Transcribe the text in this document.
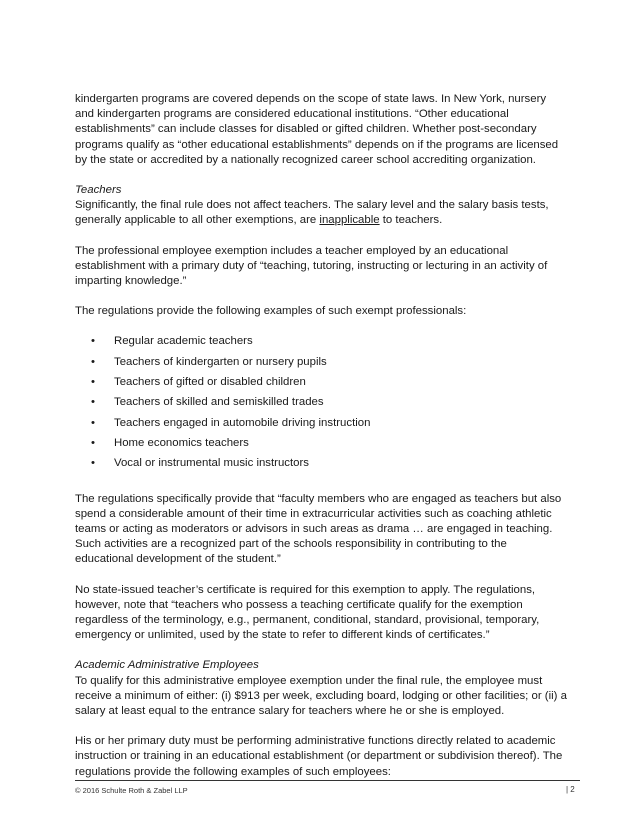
kindergarten programs are covered depends on the scope of state laws. In New York, nursery and kindergarten programs are considered educational institutions. “Other educational establishments” can include classes for disabled or gifted children. Whether post-secondary programs qualify as “other educational establishments” depends on if the programs are licensed by the state or accredited by a nationally recognized career school accrediting organization.

Teachers

Significantly, the final rule does not affect teachers. The salary level and the salary basis tests, generally applicable to all other exemptions, are inapplicable to teachers.

The professional employee exemption includes a teacher employed by an educational establishment with a primary duty of “teaching, tutoring, instructing or lecturing in an activity of imparting knowledge.”

The regulations provide the following examples of such exempt professionals:

• Regular academic teachers
• Teachers of kindergarten or nursery pupils
• Teachers of gifted or disabled children
• Teachers of skilled and semiskilled trades
• Teachers engaged in automobile driving instruction
• Home economics teachers
• Vocal or instrumental music instructors

The regulations specifically provide that “faculty members who are engaged as teachers but also spend a considerable amount of their time in extracurricular activities such as coaching athletic teams or acting as moderators or advisors in such areas as drama … are engaged in teaching. Such activities are a recognized part of the schools responsibility in contributing to the educational development of the student.”

No state-issued teacher’s certificate is required for this exemption to apply. The regulations, however, note that “teachers who possess a teaching certificate qualify for the exemption regardless of the terminology, e.g., permanent, conditional, standard, provisional, temporary, emergency or unlimited, used by the state to refer to different kinds of certificates.”

Academic Administrative Employees

To qualify for this administrative employee exemption under the final rule, the employee must receive a minimum of either: (i) $913 per week, excluding board, lodging or other facilities; or (ii) a salary at least equal to the entrance salary for teachers where he or she is employed.

His or her primary duty must be performing administrative functions directly related to academic instruction or training in an educational establishment (or department or subdivision thereof). The regulations provide the following examples of such employees:

© 2016 Schulte Roth & Zabel LLP	| 2
